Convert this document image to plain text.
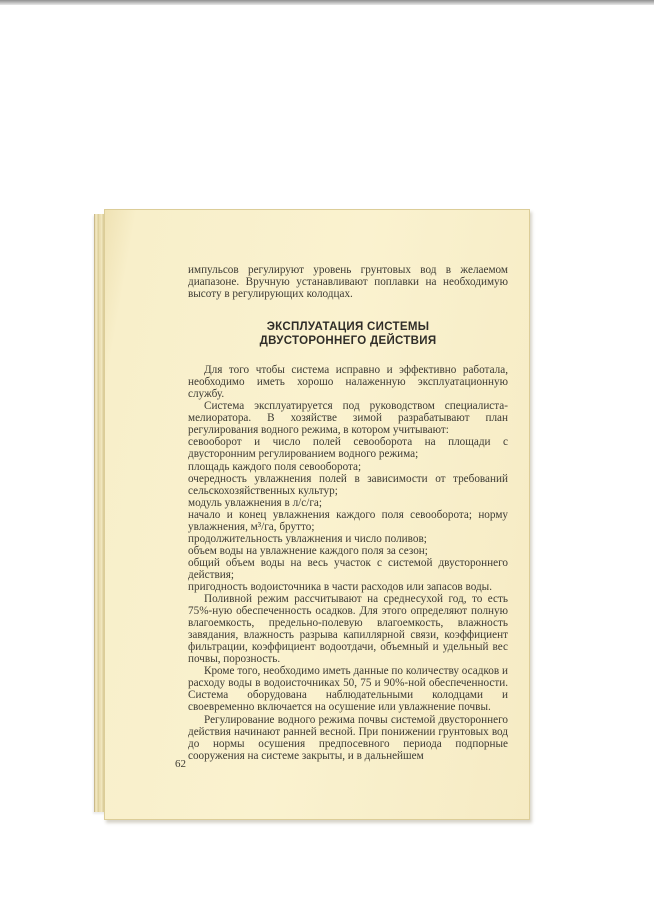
импульсов регулируют уровень грунтовых вод в желаемом диапазоне. Вручную устанавливают поплавки на необходимую высоту в регулирующих колодцах.

ЭКСПЛУАТАЦИЯ СИСТЕМЫ
ДВУСТОРОННЕГО ДЕЙСТВИЯ

Для того чтобы система исправно и эффективно работала, необходимо иметь хорошо налаженную эксплуатационную службу.

Система эксплуатируется под руководством специалиста-мелиоратора. В хозяйстве зимой разрабатывают план регулирования водного режима, в котором учитывают:

севооборот и число полей севооборота на площади с двусторонним регулированием водного режима;

площадь каждого поля севооборота;

очередность увлажнения полей в зависимости от требований сельскохозяйственных культур;

модуль увлажнения в л/с/га;

начало и конец увлажнения каждого поля севооборота; норму увлажнения, м³/га, брутто;

продолжительность увлажнения и число поливов;

объем воды на увлажнение каждого поля за сезон;

общий объем воды на весь участок с системой двустороннего действия;

пригодность водоисточника в части расходов или запасов воды.

Поливной режим рассчитывают на среднесухой год, то есть 75%-ную обеспеченность осадков. Для этого определяют полную влагоемкость, предельно-полевую влагоемкость, влажность завядания, влажность разрыва капиллярной связи, коэффициент фильтрации, коэффициент водоотдачи, объемный и удельный вес почвы, порозность.

Кроме того, необходимо иметь данные по количеству осадков и расходу воды в водоисточниках 50, 75 и 90%-ной обеспеченности. Система оборудована наблюдательными колодцами и своевременно включается на осушение или увлажнение почвы.

Регулирование водного режима почвы системой двустороннего действия начинают ранней весной. При понижении грунтовых вод до нормы осушения предпосевного периода подпорные сооружения на системе закрыты, и в дальнейшем

62
